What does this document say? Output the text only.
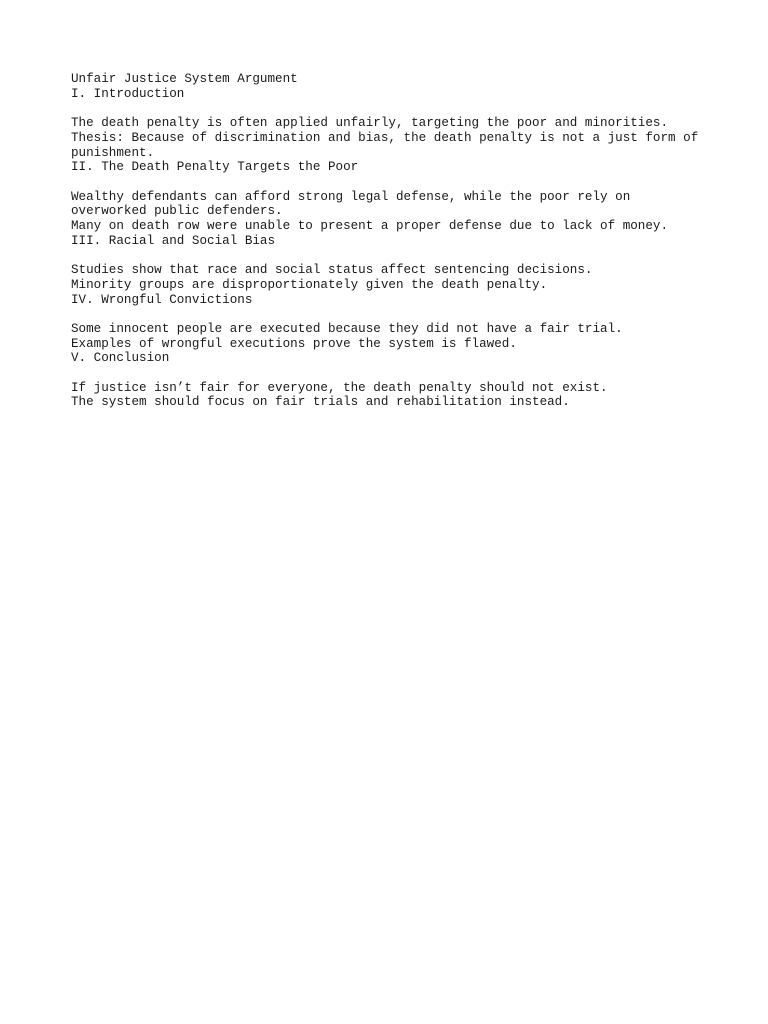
Unfair Justice System Argument
I. Introduction
The death penalty is often applied unfairly, targeting the poor and minorities.
Thesis: Because of discrimination and bias, the death penalty is not a just form of punishment.
II. The Death Penalty Targets the Poor
Wealthy defendants can afford strong legal defense, while the poor rely on overworked public defenders.
Many on death row were unable to present a proper defense due to lack of money.
III. Racial and Social Bias
Studies show that race and social status affect sentencing decisions.
Minority groups are disproportionately given the death penalty.
IV. Wrongful Convictions
Some innocent people are executed because they did not have a fair trial.
Examples of wrongful executions prove the system is flawed.
V. Conclusion
If justice isn’t fair for everyone, the death penalty should not exist.
The system should focus on fair trials and rehabilitation instead.
